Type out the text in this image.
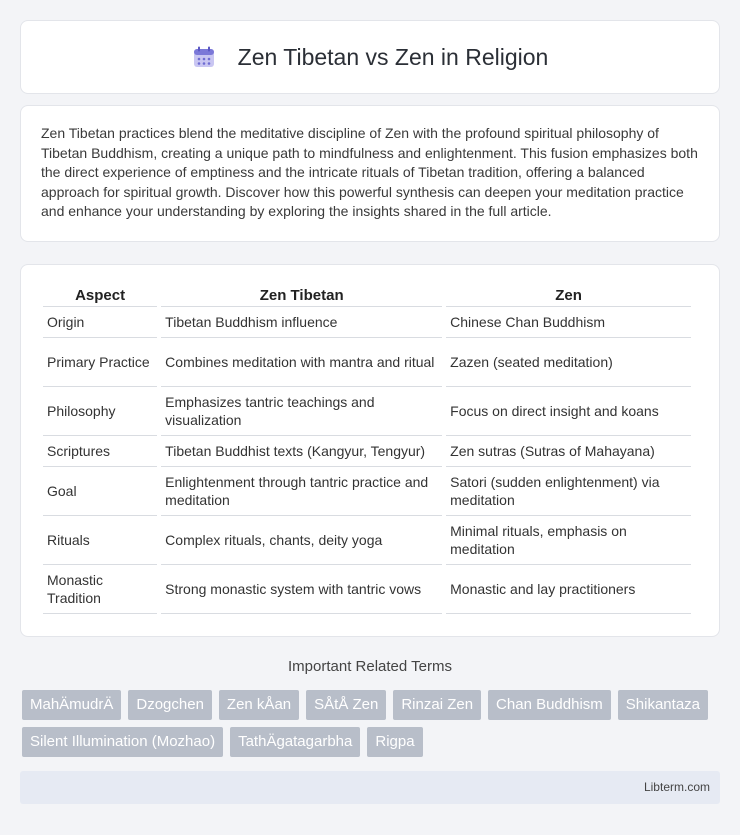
Zen Tibetan vs Zen in Religion

Zen Tibetan practices blend the meditative discipline of Zen with the profound spiritual philosophy of Tibetan Buddhism, creating a unique path to mindfulness and enlightenment. This fusion emphasizes both the direct experience of emptiness and the intricate rituals of Tibetan tradition, offering a balanced approach for spiritual growth. Discover how this powerful synthesis can deepen your meditation practice and enhance your understanding by exploring the insights shared in the full article.

Aspect	Zen Tibetan	Zen
Origin	Tibetan Buddhism influence	Chinese Chan Buddhism
Primary Practice	Combines meditation with mantra and ritual	Zazen (seated meditation)
Philosophy	Emphasizes tantric teachings and visualization	Focus on direct insight and koans
Scriptures	Tibetan Buddhist texts (Kangyur, Tengyur)	Zen sutras (Sutras of Mahayana)
Goal	Enlightenment through tantric practice and meditation	Satori (sudden enlightenment) via meditation
Rituals	Complex rituals, chants, deity yoga	Minimal rituals, emphasis on meditation
Monastic Tradition	Strong monastic system with tantric vows	Monastic and lay practitioners
Important Related Terms
MahÄmudrÄ	Dzogchen	Zen kÅan	SÅtÅ Zen	Rinzai Zen	Chan Buddhism	Shikantaza
Silent Illumination (Mozhao)	TathÄgatagarbha	Rigpa
Libterm.com
